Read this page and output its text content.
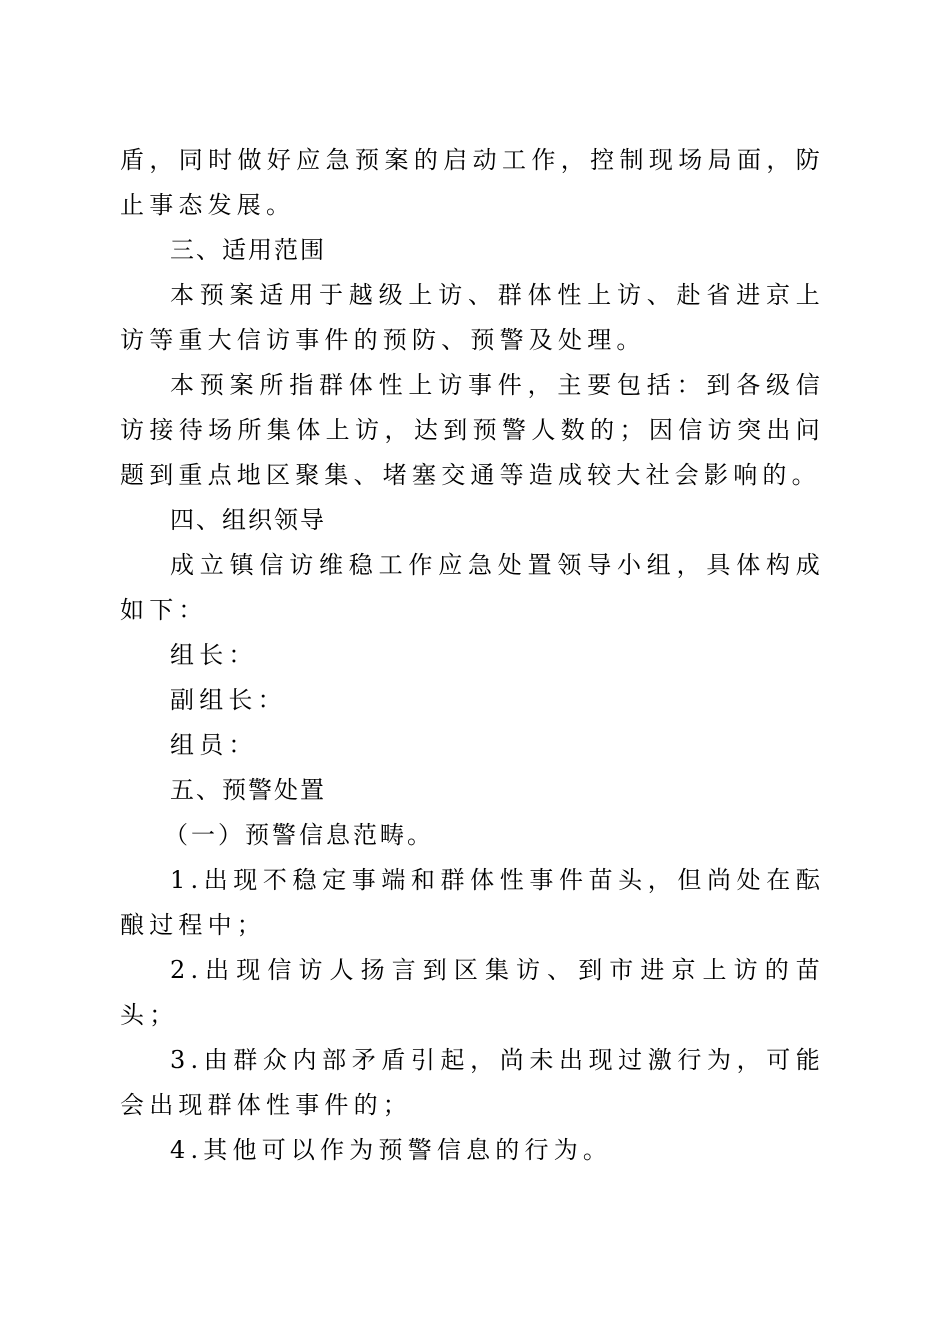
盾，同时做好应急预案的启动工作，控制现场局面，防止事态发展。

三、适用范围

本预案适用于越级上访、群体性上访、赴省进京上访等重大信访事件的预防、预警及处理。

本预案所指群体性上访事件，主要包括：到各级信访接待场所集体上访，达到预警人数的；因信访突出问题到重点地区聚集、堵塞交通等造成较大社会影响的。

四、组织领导

成立镇信访维稳工作应急处置领导小组，具体构成如下：

组长：

副组长：

组员：

五、预警处置

（一）预警信息范畴。

1.出现不稳定事端和群体性事件苗头，但尚处在酝酿过程中；

2.出现信访人扬言到区集访、到市进京上访的苗头；

3.由群众内部矛盾引起，尚未出现过激行为，可能会出现群体性事件的；

4.其他可以作为预警信息的行为。
